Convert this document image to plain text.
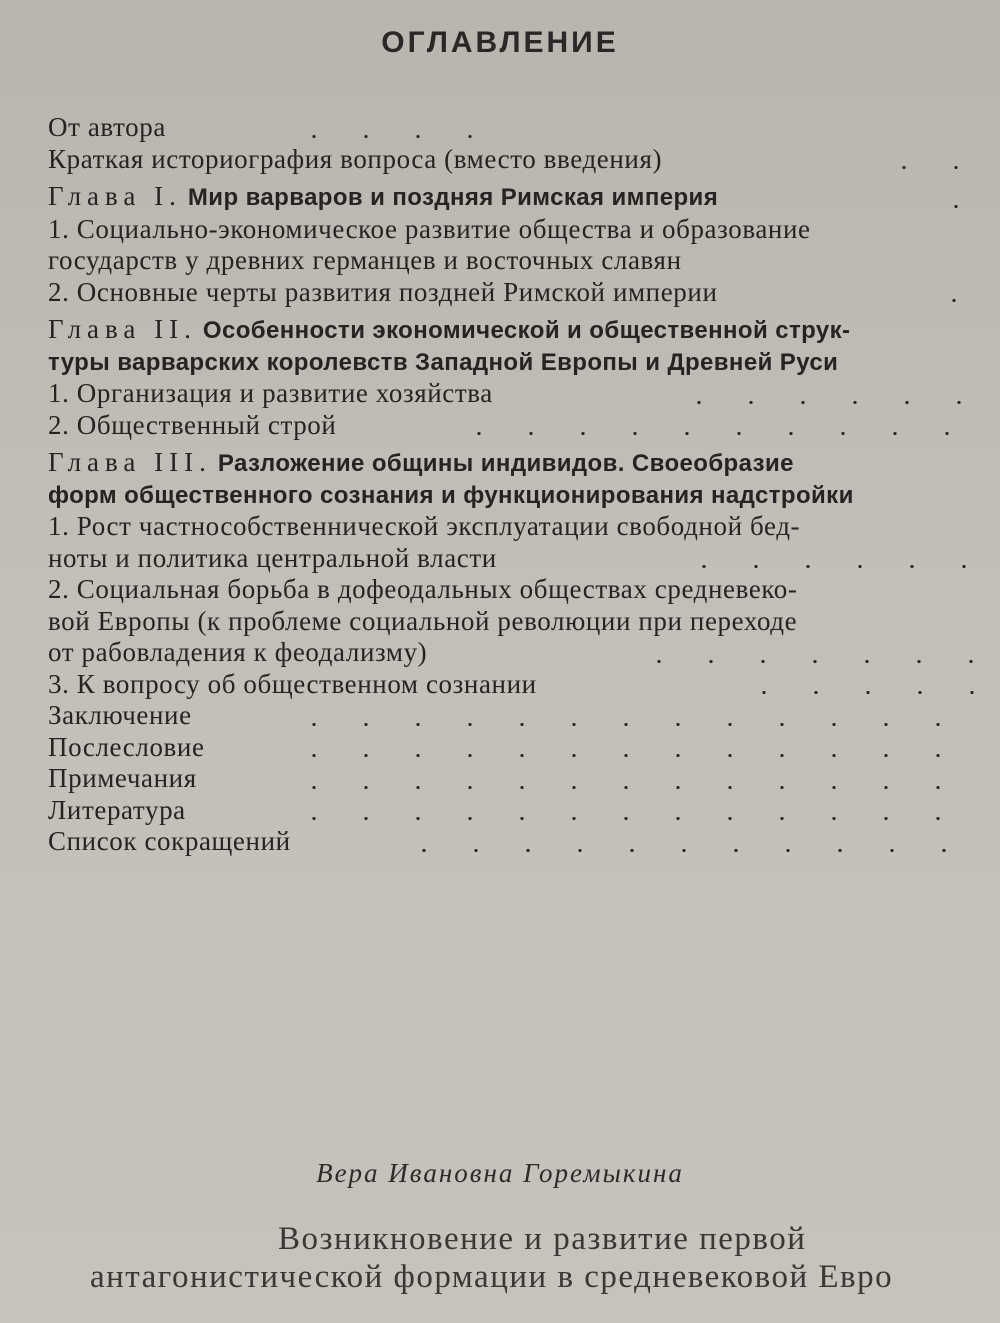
ОГЛАВЛЕНИЕ
От автора
Краткая историография вопроса (вместо введения)
Глава I. Мир варваров и поздняя Римская империя
1. Социально-экономическое развитие общества и образование
государств у древних германцев и восточных славян
2. Основные черты развития поздней Римской империи
Глава II. Особенности экономической и общественной струк-
туры варварских королевств Западной Европы и Древней Руси
1. Организация и развитие хозяйства
2. Общественный строй
Глава III. Разложение общины индивидов. Своеобразие
форм общественного сознания и функционирования надстройки
1. Рост частнособственнической эксплуатации свободной бед-
ноты и политика центральной власти
2. Социальная борьба в дофеодальных обществах средневеко-
вой Европы (к проблеме социальной революции при переходе
от рабовладения к феодализму)
3. К вопросу об общественном сознании
Заключение
Послесловие
Примечания
Литература
Список сокращений
Вера Ивановна Горемыкина
Возникновение и развитие первой
антагонистической формации в средневековой Евро
